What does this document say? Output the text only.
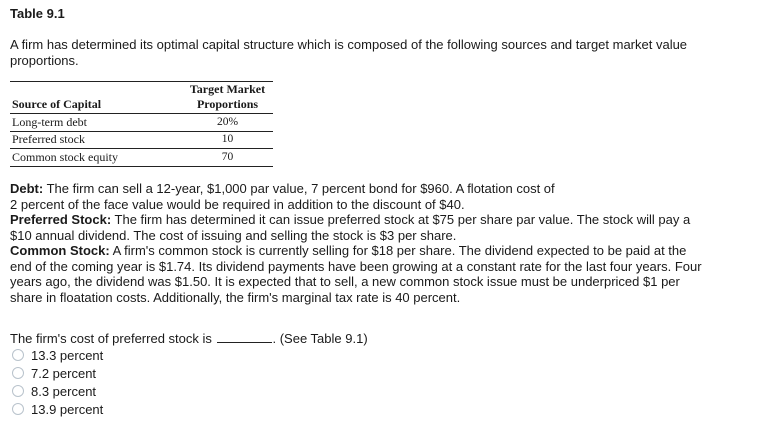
Table 9.1
A firm has determined its optimal capital structure which is composed of the following sources and target market value proportions.
Source of Capital	Target Market
Proportions
Long-term debt	20%
Preferred stock	10
Common stock equity	70

Debt: The firm can sell a 12-year, $1,000 par value, 7 percent bond for $960. A flotation cost of
2 percent of the face value would be required in addition to the discount of $40.

Preferred Stock: The firm has determined it can issue preferred stock at $75 per share par value. The stock will pay a $10 annual dividend. The cost of issuing and selling the stock is $3 per share.

Common Stock: A firm's common stock is currently selling for $18 per share. The dividend expected to be paid at the end of the coming year is $1.74. Its dividend payments have been growing at a constant rate for the last four years. Four years ago, the dividend was $1.50. It is expected that to sell, a new common stock issue must be underpriced $1 per share in floatation costs. Additionally, the firm's marginal tax rate is 40 percent.

The firm's cost of preferred stock is	. (See Table 9.1)
13.3 percent
7.2 percent
8.3 percent
13.9 percent
